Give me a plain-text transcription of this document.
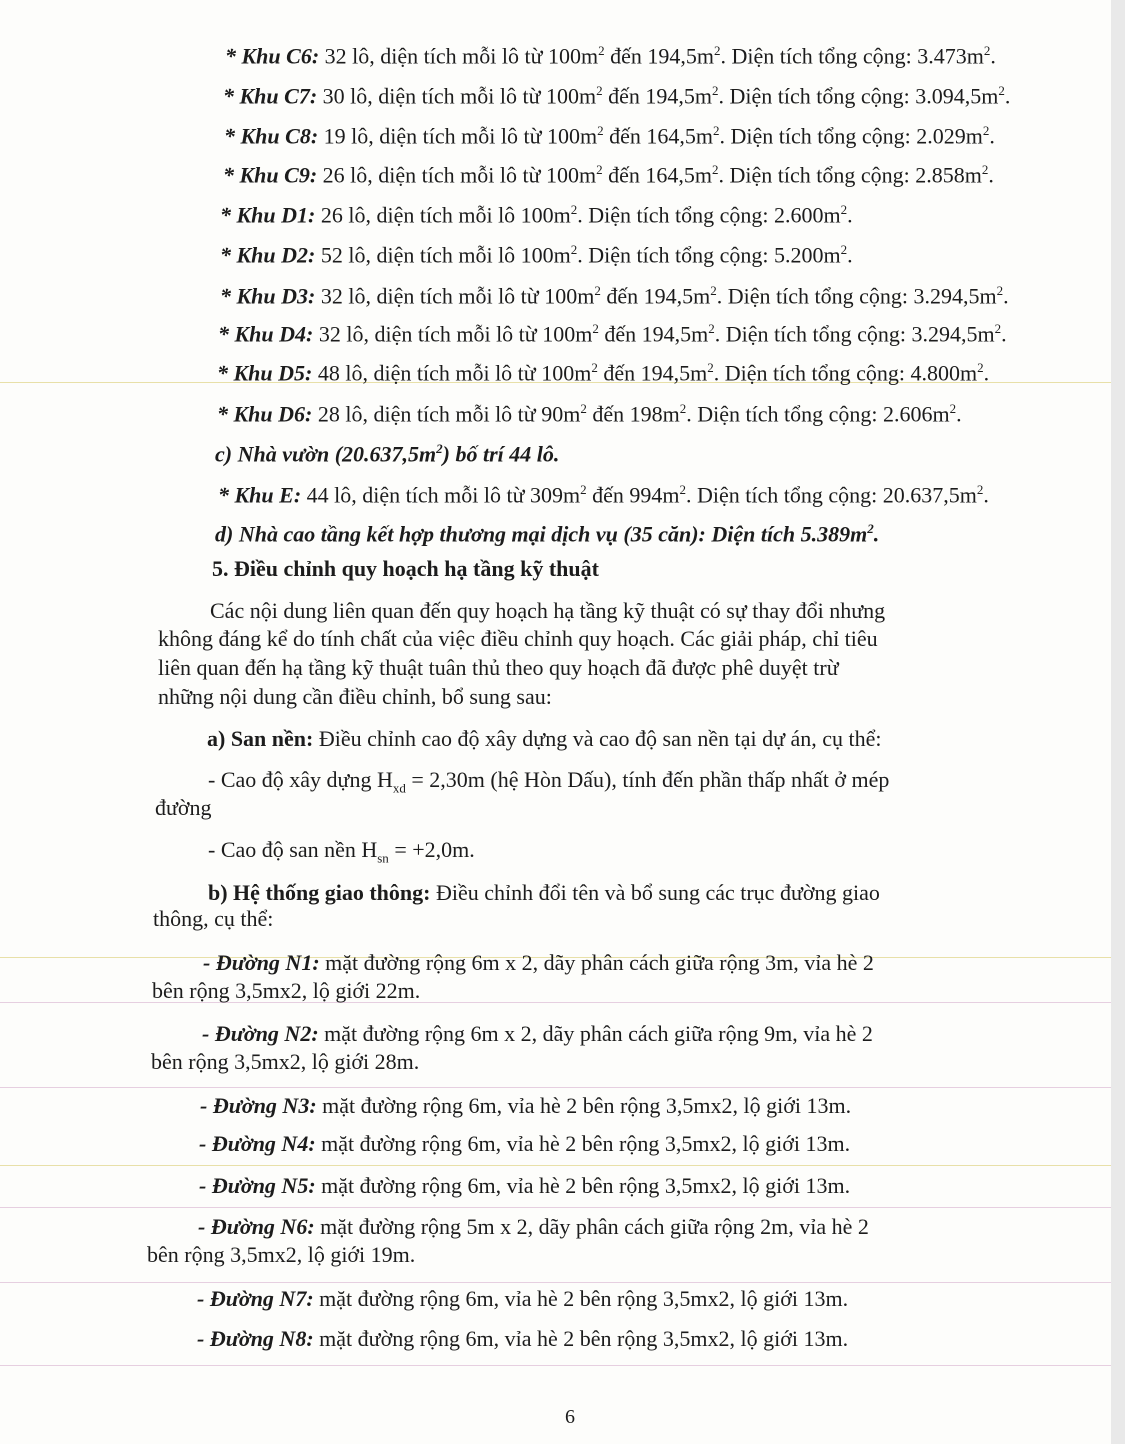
* Khu C6: 32 lô, diện tích mỗi lô từ $100m^2$ đến $194,5m^2$. Diện tích tổng cộng: $3.473m^2$.
* Khu C7: 30 lô, diện tích mỗi lô từ $100m^2$ đến $194,5m^2$. Diện tích tổng cộng: $3.094,5m^2$.
* Khu C8: 19 lô, diện tích mỗi lô từ $100m^2$ đến $164,5m^2$. Diện tích tổng cộng: $2.029m^2$.
* Khu C9: 26 lô, diện tích mỗi lô từ $100m^2$ đến $164,5m^2$. Diện tích tổng cộng: $2.858m^2$.
* Khu D1: 26 lô, diện tích mỗi lô $100m^2$. Diện tích tổng cộng: $2.600m^2$.
* Khu D2: 52 lô, diện tích mỗi lô $100m^2$. Diện tích tổng cộng: $5.200m^2$.
* Khu D3: 32 lô, diện tích mỗi lô từ $100m^2$ đến $194,5m^2$. Diện tích tổng cộng: $3.294,5m^2$.
* Khu D4: 32 lô, diện tích mỗi lô từ $100m^2$ đến $194,5m^2$. Diện tích tổng cộng: $3.294,5m^2$.
* Khu D5: 48 lô, diện tích mỗi lô từ $100m^2$ đến $194,5m^2$. Diện tích tổng cộng: $4.800m^2$.
* Khu D6: 28 lô, diện tích mỗi lô từ $90m^2$ đến $198m^2$. Diện tích tổng cộng: $2.606m^2$.
c) Nhà vườn $(20.637,5m^2)$ bố trí 44 lô.
* Khu E: 44 lô, diện tích mỗi lô từ $309m^2$ đến $994m^2$. Diện tích tổng cộng: $20.637,5m^2$.
d) Nhà cao tầng kết hợp thương mại dịch vụ (35 căn): Diện tích $5.389m^2$.
5. Điều chỉnh quy hoạch hạ tầng kỹ thuật
Các nội dung liên quan đến quy hoạch hạ tầng kỹ thuật có sự thay đổi nhưng
không đáng kể do tính chất của việc điều chỉnh quy hoạch. Các giải pháp, chỉ tiêu
liên quan đến hạ tầng kỹ thuật tuân thủ theo quy hoạch đã được phê duyệt trừ
những nội dung cần điều chỉnh, bổ sung sau:
a) San nền: Điều chỉnh cao độ xây dựng và cao độ san nền tại dự án, cụ thể:
- Cao độ xây dựng $H_{xd} = 2,30m$ (hệ Hòn Dấu), tính đến phần thấp nhất ở mép
đường
- Cao độ san nền $H_{sn} = +2,0m$.
b) Hệ thống giao thông: Điều chỉnh đổi tên và bổ sung các trục đường giao
thông, cụ thể:
- Đường N1: mặt đường rộng 6m x 2, dãy phân cách giữa rộng 3m, vỉa hè 2
bên rộng 3,5mx2, lộ giới 22m.
- Đường N2: mặt đường rộng 6m x 2, dãy phân cách giữa rộng 9m, vỉa hè 2
bên rộng 3,5mx2, lộ giới 28m.
- Đường N3: mặt đường rộng 6m, vỉa hè 2 bên rộng 3,5mx2, lộ giới 13m.
- Đường N4: mặt đường rộng 6m, vỉa hè 2 bên rộng 3,5mx2, lộ giới 13m.
- Đường N5: mặt đường rộng 6m, vỉa hè 2 bên rộng 3,5mx2, lộ giới 13m.
- Đường N6: mặt đường rộng 5m x 2, dãy phân cách giữa rộng 2m, vỉa hè 2
bên rộng 3,5mx2, lộ giới 19m.
- Đường N7: mặt đường rộng 6m, vỉa hè 2 bên rộng 3,5mx2, lộ giới 13m.
- Đường N8: mặt đường rộng 6m, vỉa hè 2 bên rộng 3,5mx2, lộ giới 13m.
6
